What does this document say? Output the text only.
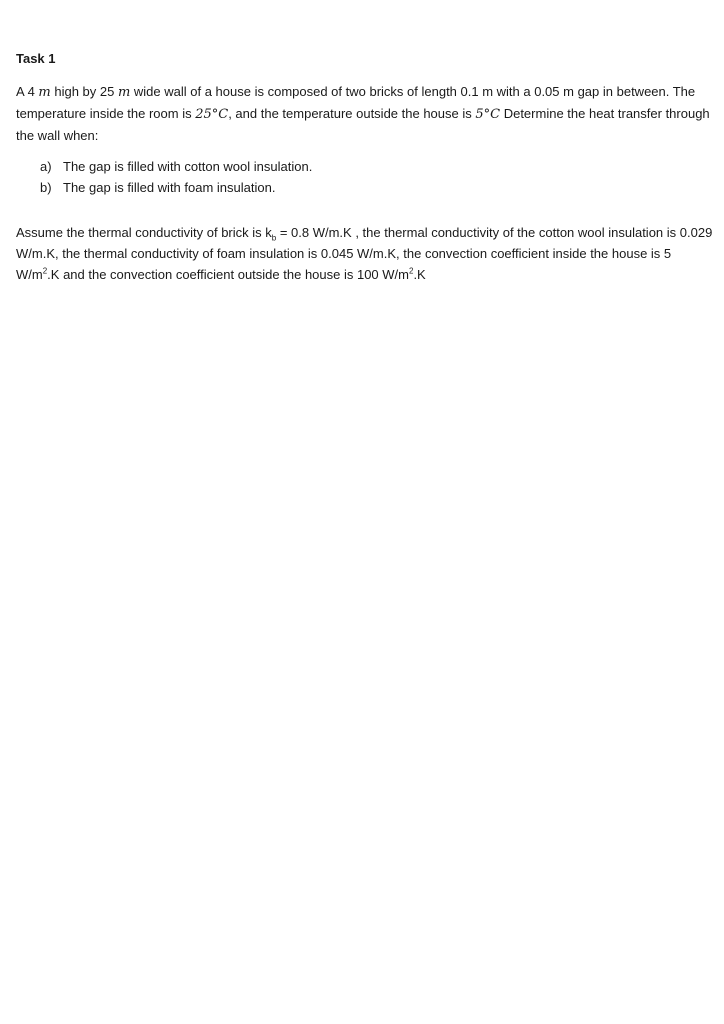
Task 1

A 4 m high by 25 m wide wall of a house is composed of two bricks of length 0.1 m with a 0.05 m gap in between. The temperature inside the room is 25°C, and the temperature outside the house is 5°C Determine the heat transfer through the wall when:

a) The gap is filled with cotton wool insulation.
b) The gap is filled with foam insulation.

Assume the thermal conductivity of brick is $k_b = 0.8$ W/m.K , the thermal conductivity of the cotton wool insulation is 0.029 W/m.K, the thermal conductivity of foam insulation is 0.045 W/m.K, the convection coefficient inside the house is 5 $W/m^2.K$ and the convection coefficient outside the house is 100 $W/m^2.K$
